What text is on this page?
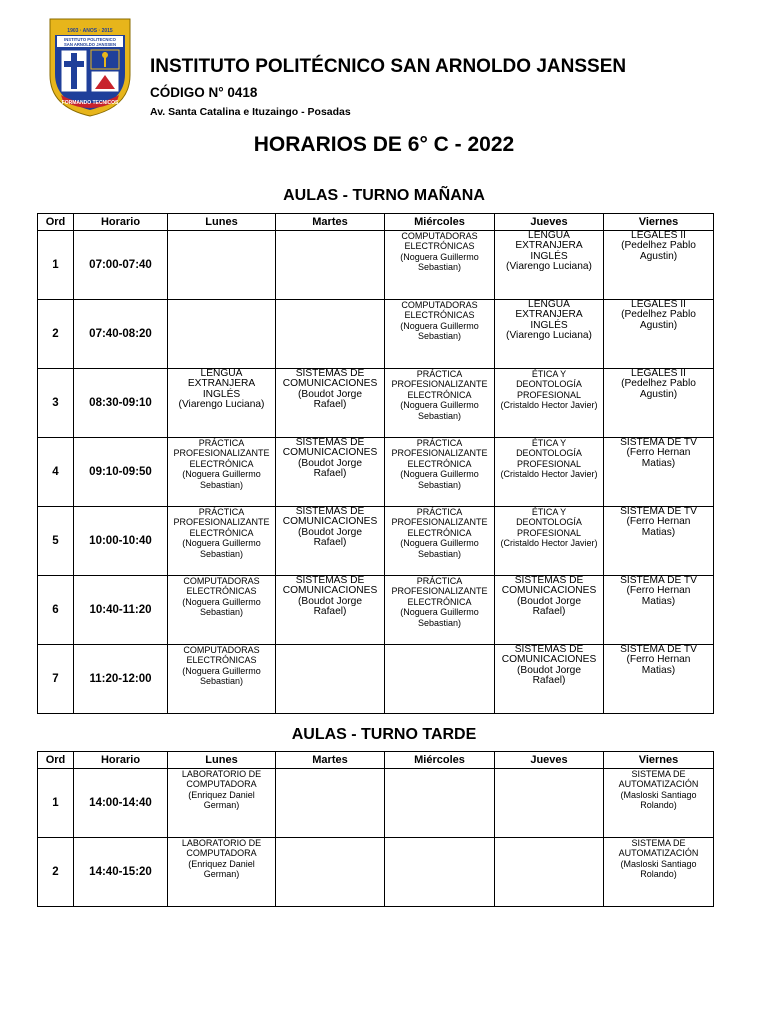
1903 · ANOS · 2015
INSTITUTO POLITECNICO
SAN ARNOLDO JANSSEN
FORMANDO TECNICOS
INSTITUTO POLITÉCNICO SAN ARNOLDO JANSSEN
CÓDIGO N° 0418
Av. Santa Catalina e Ituzaingo - Posadas
HORARIOS DE 6° C - 2022
AULAS - TURNO MAÑANA
Ord	Horario	Lunes	Martes	Miércoles	Jueves	Viernes
1	07:00-07:40			COMPUTADORAS
ELECTRÓNICAS
(Noguera Guillermo
Sebastian)	LENGUA
EXTRANJERA
INGLÉS
(Viarengo Luciana)	LEGALES II
(Pedelhez Pablo
Agustin)

2	07:40-08:20			COMPUTADORAS
ELECTRÓNICAS
(Noguera Guillermo
Sebastian)	LENGUA
EXTRANJERA
INGLÉS
(Viarengo Luciana)	LEGALES II
(Pedelhez Pablo
Agustin)

3	08:30-09:10	LENGUA
EXTRANJERA
INGLÉS
(Viarengo Luciana)	SISTEMAS DE
COMUNICACIONES
(Boudot Jorge
Rafael)	PRÁCTICA
PROFESIONALIZANTE
ELECTRÓNICA
(Noguera Guillermo
Sebastian)	ÉTICA Y
DEONTOLOGÍA
PROFESIONAL
(Cristaldo Hector Javier)	LEGALES II
(Pedelhez Pablo
Agustin)

4	09:10-09:50	PRÁCTICA
PROFESIONALIZANTE
ELECTRÓNICA
(Noguera Guillermo
Sebastian)	SISTEMAS DE
COMUNICACIONES
(Boudot Jorge
Rafael)	PRÁCTICA
PROFESIONALIZANTE
ELECTRÓNICA
(Noguera Guillermo
Sebastian)	ÉTICA Y
DEONTOLOGÍA
PROFESIONAL
(Cristaldo Hector Javier)	SISTEMA DE TV
(Ferro Hernan
Matias)

5	10:00-10:40	PRÁCTICA
PROFESIONALIZANTE
ELECTRÓNICA
(Noguera Guillermo
Sebastian)	SISTEMAS DE
COMUNICACIONES
(Boudot Jorge
Rafael)	PRÁCTICA
PROFESIONALIZANTE
ELECTRÓNICA
(Noguera Guillermo
Sebastian)	ÉTICA Y
DEONTOLOGÍA
PROFESIONAL
(Cristaldo Hector Javier)	SISTEMA DE TV
(Ferro Hernan
Matias)

6	10:40-11:20	COMPUTADORAS
ELECTRÓNICAS
(Noguera Guillermo
Sebastian)	SISTEMAS DE
COMUNICACIONES
(Boudot Jorge
Rafael)	PRÁCTICA
PROFESIONALIZANTE
ELECTRÓNICA
(Noguera Guillermo
Sebastian)	SISTEMAS DE
COMUNICACIONES
(Boudot Jorge
Rafael)	SISTEMA DE TV
(Ferro Hernan
Matias)

7	11:20-12:00	COMPUTADORAS
ELECTRÓNICAS
(Noguera Guillermo
Sebastian)			SISTEMAS DE
COMUNICACIONES
(Boudot Jorge
Rafael)	SISTEMA DE TV
(Ferro Hernan
Matias)
AULAS - TURNO TARDE
Ord	Horario	Lunes	Martes	Miércoles	Jueves	Viernes
1	14:00-14:40	LABORATORIO DE
COMPUTADORA
(Enriquez Daniel
German)				SISTEMA DE
AUTOMATIZACIÓN
(Masloski Santiago
Rolando)

2	14:40-15:20	LABORATORIO DE
COMPUTADORA
(Enriquez Daniel
German)				SISTEMA DE
AUTOMATIZACIÓN
(Masloski Santiago
Rolando)
